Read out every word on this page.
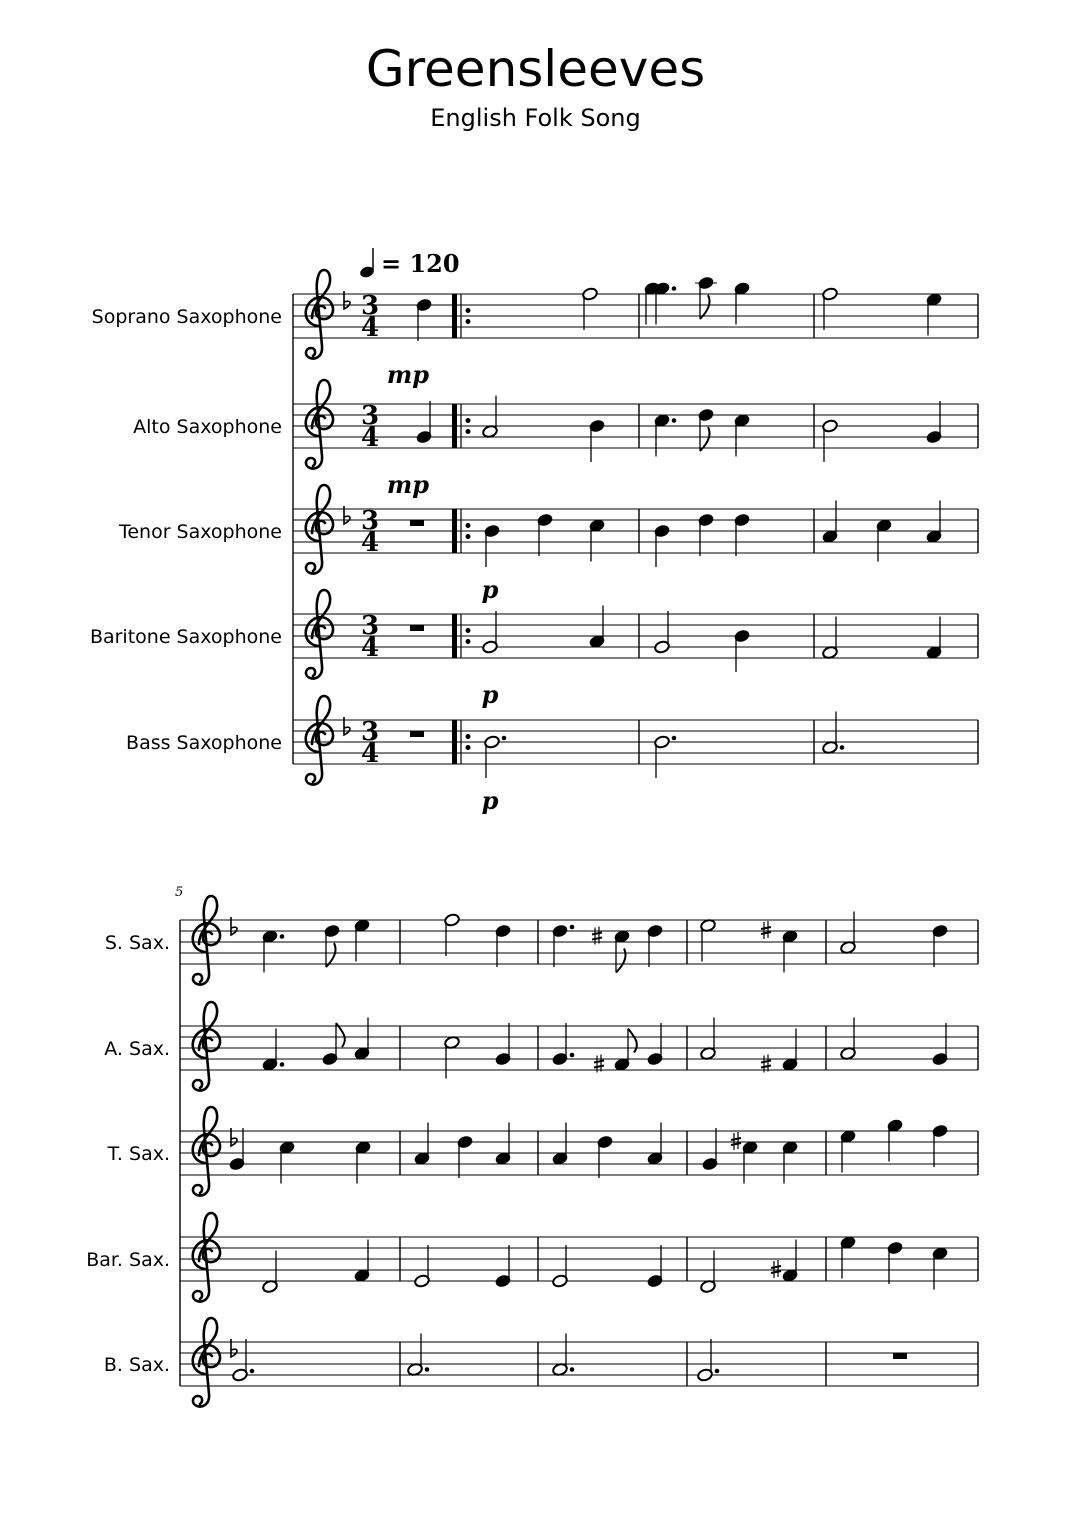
Greensleeves
English Folk Song
= 120
3
4
Soprano Saxophone
mp
3
4
Alto Saxophone
mp
3
4
Tenor Saxophone
p
3
4
Baritone Saxophone
p
3
4
Bass Saxophone
p
5
S. Sax.
A. Sax.
T. Sax.
Bar. Sax.
B. Sax.
